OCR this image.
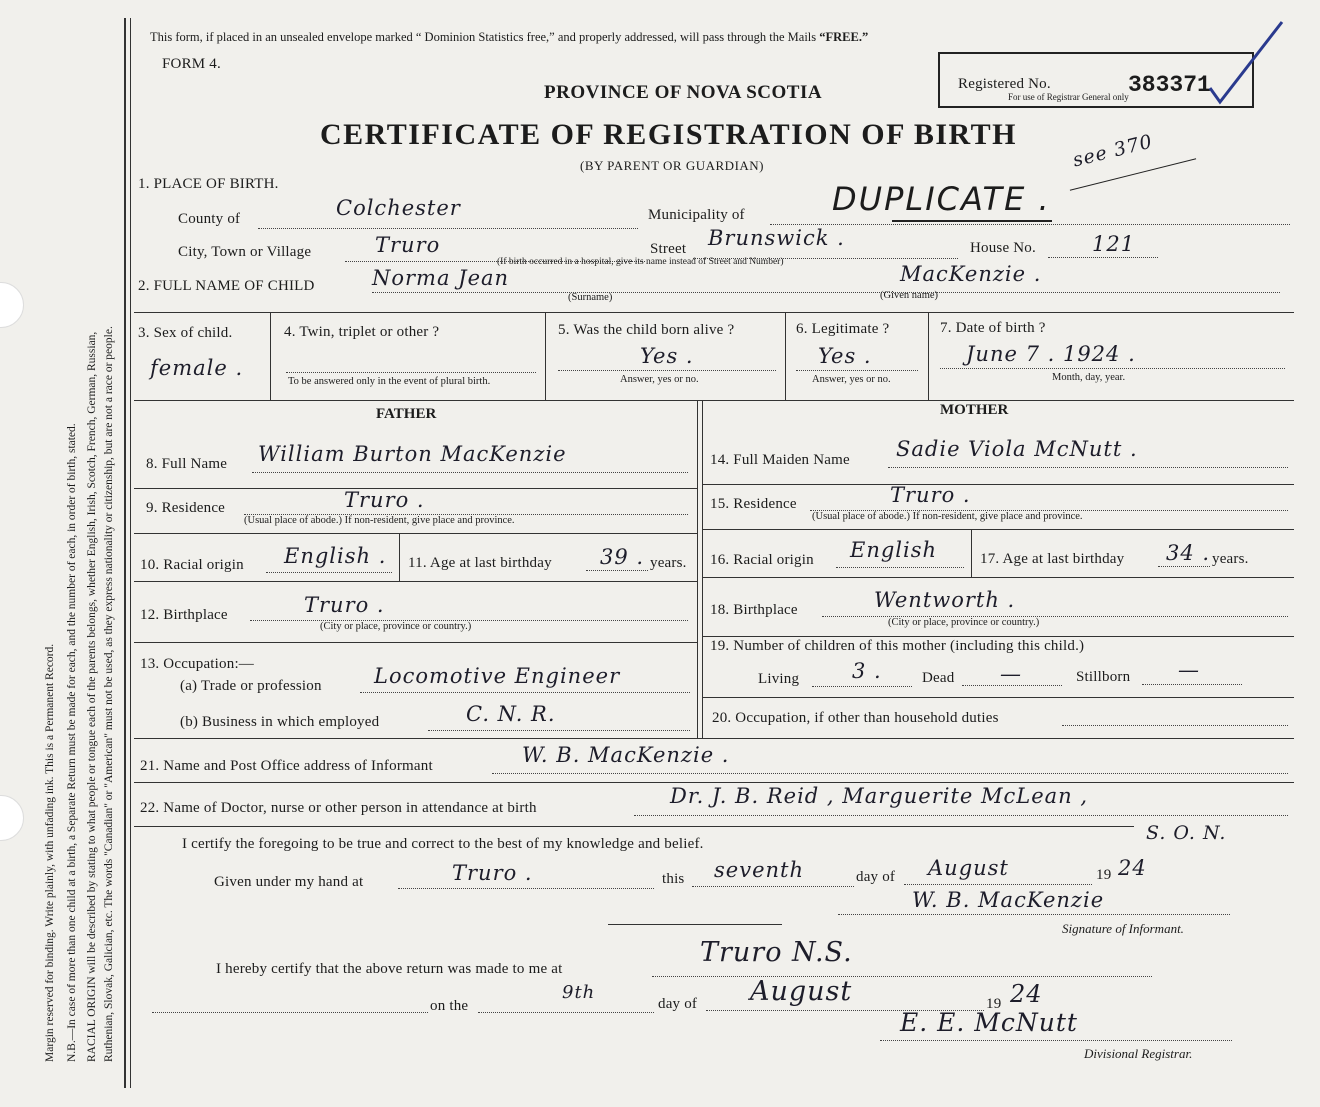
Margin reserved for binding. Write plainly, with unfading ink. This is a Permanent Record. N.B.—In case of more than one child at a birth, a Separate Return must be made for each, and the number of each, in order of birth, stated. RACIAL ORIGIN will be described by stating to what people or tongue each of the parents belongs, whether English, Irish, Scotch, French, German, Russian, Ruthenian, Slovak, Galician, etc. The words "Canadian" or "American" must not be used, as they express nationality or citizenship, but are not a race or people.
This form, if placed in an unsealed envelope marked “ Dominion Statistics free,” and properly addressed, will pass through the Mails “FREE.”
FORM 4.
Registered No.
For use of Registrar General only 383371
PROVINCE OF NOVA SCOTIA
CERTIFICATE OF REGISTRATION OF BIRTH
(BY PARENT OR GUARDIAN)	see 370
1. PLACE OF BIRTH.
County of	Colchester	Municipality of	DUPLICATE .
City, Town or Village	Truro	Street Brunswick .	House No.	121
(If birth occurred in a hospital, give its name instead of Street and Number)
2. FULL NAME OF CHILD	Norma Jean	MacKenzie .
(Surname)	(Given name)
3. Sex of child.
female .
4. Twin, triplet or other ?
To be answered only in the event of plural birth.
5. Was the child born alive ?
Yes .
Answer, yes or no.
6. Legitimate ?
Yes .
Answer, yes or no.
7. Date of birth ?
June 7 . 1924 .
Month, day, year.
FATHER
8. Full Name William Burton MacKenzie
9. Residence	Truro .
(Usual place of abode.) If non-resident, give place and province.
10. Racial origin English . 11. Age at last birthday 39 . years.
12. Birthplace	Truro .
(City or place, province or country.)
13. Occupation:—
(a) Trade or profession Locomotive Engineer
(b) Business in which employed	C. N. R.
MOTHER
14. Full Maiden Name Sadie Viola McNutt .
15. Residence	Truro .
(Usual place of abode.) If non-resident, give place and province.
16. Racial origin English	17. Age at last birthday 34 . years.
18. Birthplace	Wentworth .
(City or place, province or country.)
19. Number of children of this mother (including this child.)
Living	3 .	Dead —	Stillborn —
20. Occupation, if other than household duties
21. Name and Post Office address of Informant	W. B. MacKenzie .
22. Name of Doctor, nurse or other person in attendance at birth	Dr. J. B. Reid , Marguerite McLean ,
S. O. N.
I certify the foregoing to be true and correct to the best of my knowledge and belief.
Given under my hand at	Truro .	this seventh	day of August	19 24
W. B. MacKenzie
Signature of Informant.
I hereby certify that the above return was made to me at
Truro N.S.
on the
9th
day of August	19 24
E. E. McNutt
Divisional Registrar.
